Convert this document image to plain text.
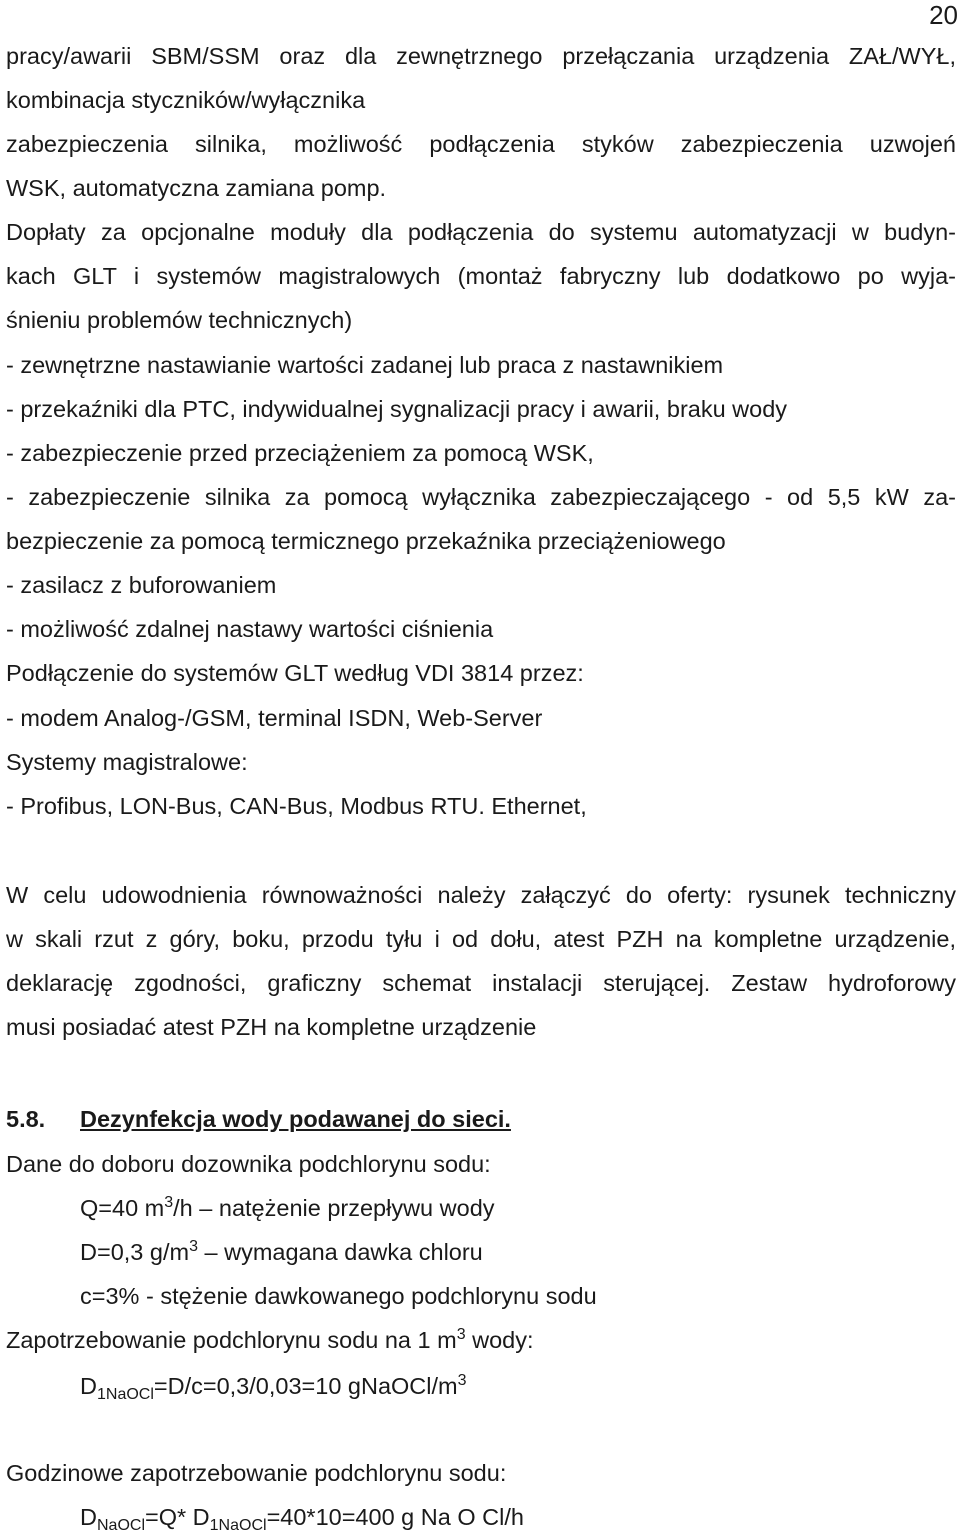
20

pracy/awarii SBM/SSM oraz dla zewnętrznego przełączania urządzenia ZAŁ/WYŁ,

kombinacja styczników/wyłącznika

zabezpieczenia silnika, możliwość podłączenia styków zabezpieczenia uzwojeń

WSK, automatyczna zamiana pomp.

Dopłaty za opcjonalne moduły dla podłączenia do systemu automatyzacji w budyn-

kach GLT i systemów magistralowych (montaż fabryczny lub dodatkowo po wyja-

śnieniu problemów technicznych)

- zewnętrzne nastawianie wartości zadanej lub praca z nastawnikiem

- przekaźniki dla PTC, indywidualnej sygnalizacji pracy i awarii, braku wody

- zabezpieczenie przed przeciążeniem za pomocą WSK,

- zabezpieczenie silnika za pomocą wyłącznika zabezpieczającego - od 5,5 kW za-

bezpieczenie za pomocą termicznego przekaźnika przeciążeniowego

- zasilacz z buforowaniem

- możliwość zdalnej nastawy wartości ciśnienia

Podłączenie do systemów GLT według VDI 3814 przez:

- modem Analog-/GSM, terminal ISDN, Web-Server

Systemy magistralowe:

- Profibus, LON-Bus, CAN-Bus, Modbus RTU. Ethernet,

W celu udowodnienia równoważności należy załączyć do oferty: rysunek techniczny

w skali rzut z góry, boku, przodu tyłu i od dołu, atest PZH na kompletne urządzenie,

deklarację zgodności, graficzny schemat instalacji sterującej. Zestaw hydroforowy

musi posiadać atest PZH na kompletne urządzenie

5.8. Dezynfekcja wody podawanej do sieci.

Dane do doboru dozownika podchlorynu sodu:

Q=40 $m^3/h$ – natężenie przepływu wody

D=0,3 $g/m^3$ – wymagana dawka chloru

c=3% - stężenie dawkowanego podchlorynu sodu

Zapotrzebowanie podchlorynu sodu na 1 $m^3$ wody:

$D_{1NaOCl}=D/c=0,3/0,03=10$ gNaOCl/$m^3$

Godzinowe zapotrzebowanie podchlorynu sodu:

$D_{NaOCl}=Q*$ $D_{1NaOCl}=40*10=400$ g Na O Cl/h
